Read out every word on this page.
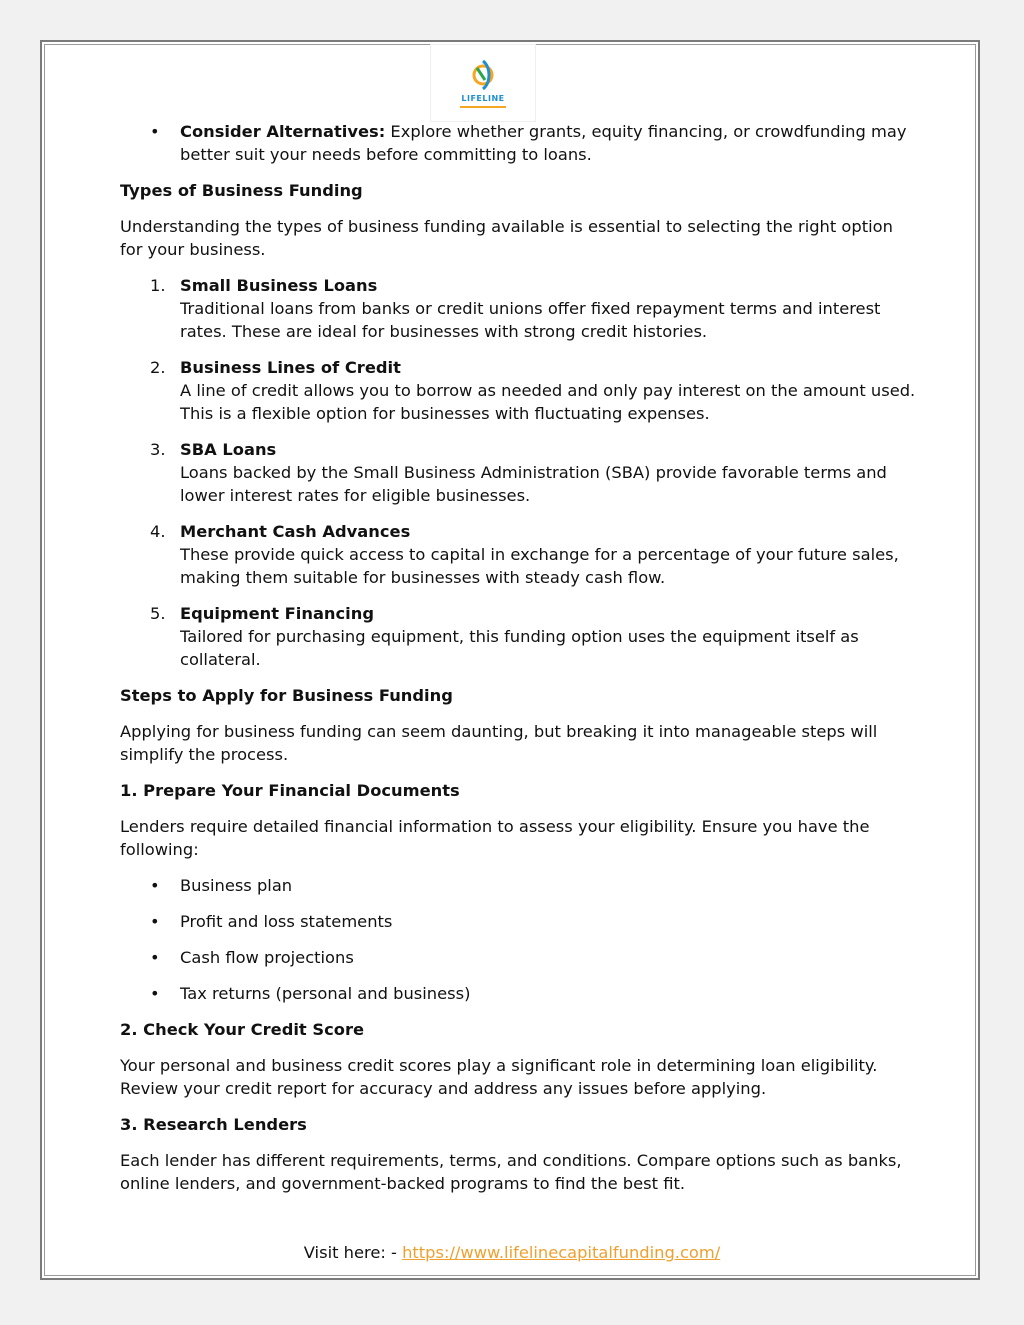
LIFELINE
• Consider Alternatives: Explore whether grants, equity financing, or crowdfunding may better suit your needs before committing to loans.

Types of Business Funding

Understanding the types of business funding available is essential to selecting the right option for your business.

1. Small Business Loans
Traditional loans from banks or credit unions offer fixed repayment terms and interest rates. These are ideal for businesses with strong credit histories.
2. Business Lines of Credit
A line of credit allows you to borrow as needed and only pay interest on the amount used. This is a flexible option for businesses with fluctuating expenses.
3. SBA Loans
Loans backed by the Small Business Administration (SBA) provide favorable terms and lower interest rates for eligible businesses.
4. Merchant Cash Advances
These provide quick access to capital in exchange for a percentage of your future sales, making them suitable for businesses with steady cash flow.
5. Equipment Financing
Tailored for purchasing equipment, this funding option uses the equipment itself as collateral.

Steps to Apply for Business Funding

Applying for business funding can seem daunting, but breaking it into manageable steps will simplify the process.

1. Prepare Your Financial Documents

Lenders require detailed financial information to assess your eligibility. Ensure you have the following:

• Business plan
• Profit and loss statements
• Cash flow projections
• Tax returns (personal and business)

2. Check Your Credit Score

Your personal and business credit scores play a significant role in determining loan eligibility. Review your credit report for accuracy and address any issues before applying.

3. Research Lenders

Each lender has different requirements, terms, and conditions. Compare options such as banks, online lenders, and government-backed programs to find the best fit.

Visit here: - https://www.lifelinecapitalfunding.com/
